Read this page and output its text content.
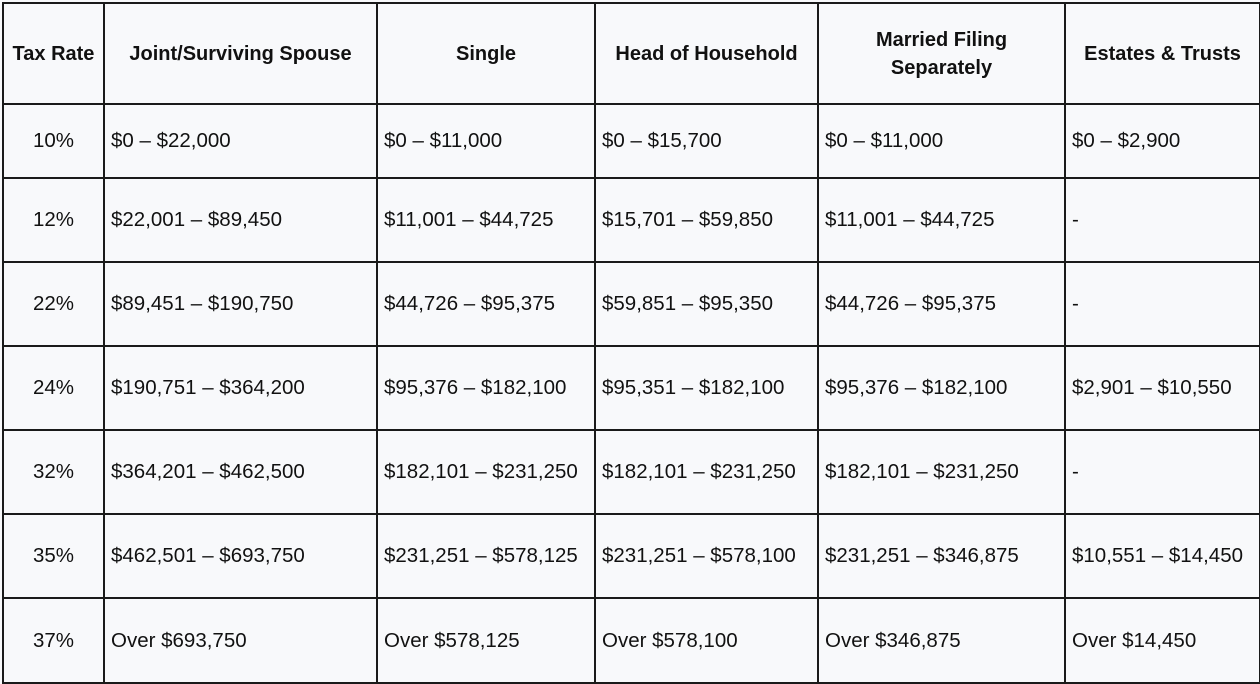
Tax Rate	Joint/Surviving Spouse	Single	Head of Household	Married Filing Separately	Estates & Trusts
10%	$0 – $22,000	$0 – $11,000	$0 – $15,700	$0 – $11,000	$0 – $2,900
12%	$22,001 – $89,450	$11,001 – $44,725	$15,701 – $59,850	$11,001 – $44,725	-
22%	$89,451 – $190,750	$44,726 – $95,375	$59,851 – $95,350	$44,726 – $95,375	-
24%	$190,751 – $364,200	$95,376 – $182,100	$95,351 – $182,100	$95,376 – $182,100	$2,901 – $10,550
32%	$364,201 – $462,500	$182,101 – $231,250	$182,101 – $231,250	$182,101 – $231,250	-
35%	$462,501 – $693,750	$231,251 – $578,125	$231,251 – $578,100	$231,251 – $346,875	$10,551 – $14,450
37%	Over $693,750	Over $578,125	Over $578,100	Over $346,875	Over $14,450
